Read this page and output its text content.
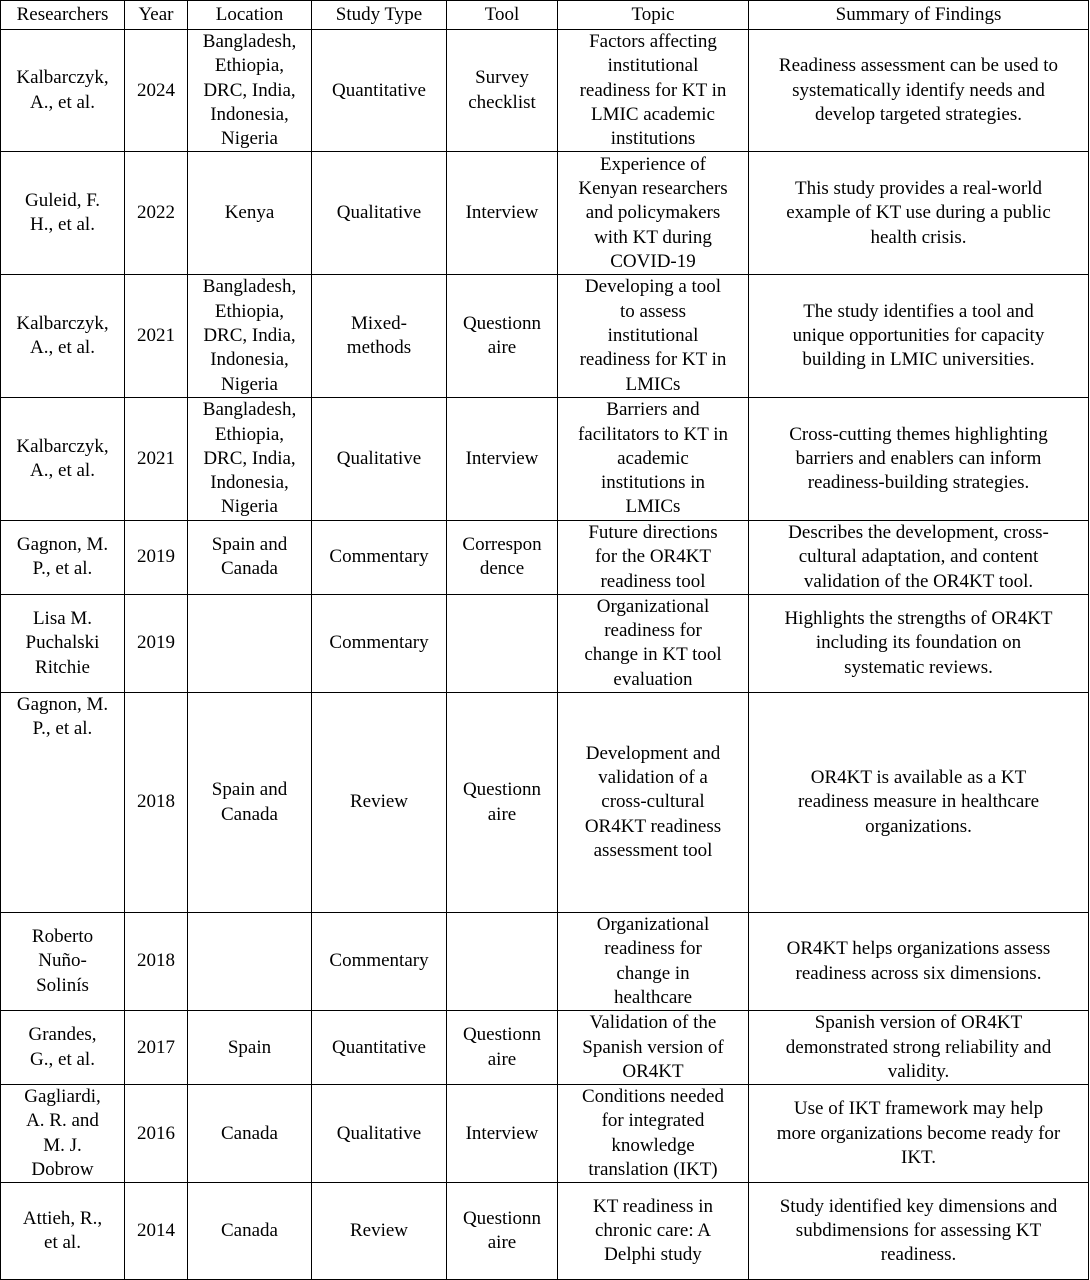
Researchers	Year	Location	Study Type	Tool	Topic	Summary of Findings
Kalbarczyk,
A., et al.	2024	Bangladesh,
Ethiopia,
DRC, India,
Indonesia,
Nigeria	Quantitative	Survey
checklist	Factors affecting
institutional
readiness for KT in
LMIC academic
institutions	Readiness assessment can be used to
systematically identify needs and
develop targeted strategies.
Guleid, F.
H., et al.	2022	Kenya	Qualitative	Interview	Experience of
Kenyan researchers
and policymakers
with KT during
COVID-19	This study provides a real-world
example of KT use during a public
health crisis.
Kalbarczyk,
A., et al.	2021	Bangladesh,
Ethiopia,
DRC, India,
Indonesia,
Nigeria	Mixed-
methods	Questionn
aire	Developing a tool
to assess
institutional
readiness for KT in
LMICs	The study identifies a tool and
unique opportunities for capacity
building in LMIC universities.
Kalbarczyk,
A., et al.	2021	Bangladesh,
Ethiopia,
DRC, India,
Indonesia,
Nigeria	Qualitative	Interview	Barriers and
facilitators to KT in
academic
institutions in
LMICs	Cross-cutting themes highlighting
barriers and enablers can inform
readiness-building strategies.
Gagnon, M.
P., et al.	2019	Spain and
Canada	Commentary	Correspon
dence	Future directions
for the OR4KT
readiness tool	Describes the development, cross-
cultural adaptation, and content
validation of the OR4KT tool.
Lisa M.
Puchalski
Ritchie	2019		Commentary		Organizational
readiness for
change in KT tool
evaluation	Highlights the strengths of OR4KT
including its foundation on
systematic reviews.
Gagnon, M.
P., et al.	2018	Spain and
Canada	Review	Questionn
aire	Development and
validation of a
cross-cultural
OR4KT readiness
assessment tool	OR4KT is available as a KT
readiness measure in healthcare
organizations.
Roberto
Nuño-
Solinís	2018		Commentary		Organizational
readiness for
change in
healthcare	OR4KT helps organizations assess
readiness across six dimensions.
Grandes,
G., et al.	2017	Spain	Quantitative	Questionn
aire	Validation of the
Spanish version of
OR4KT	Spanish version of OR4KT
demonstrated strong reliability and
validity.
Gagliardi,
A. R. and
M. J.
Dobrow	2016	Canada	Qualitative	Interview	Conditions needed
for integrated
knowledge
translation (IKT)	Use of IKT framework may help
more organizations become ready for
IKT.
Attieh, R.,
et al.	2014	Canada	Review	Questionn
aire	KT readiness in
chronic care: A
Delphi study	Study identified key dimensions and
subdimensions for assessing KT
readiness.
